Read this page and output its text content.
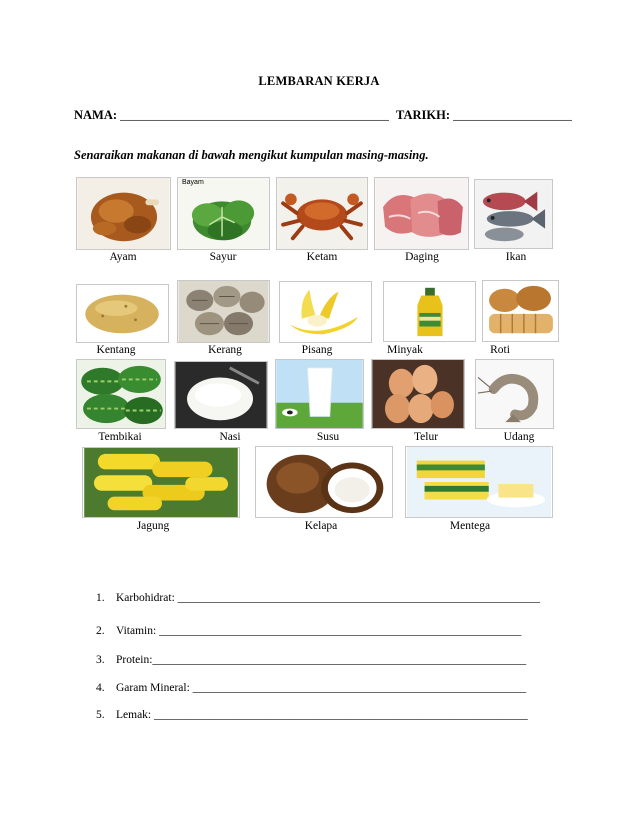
LEMBARAN KERJA
NAMA: ___________________________________________ TARIKH: ___________________
Senaraikan makanan di bawah mengikut kumpulan masing-masing.
Bayam
Ayam	Sayur	Ketam	Daging	Ikan
Kentang	Kerang	Pisang	Minyak	Roti
Tembikai	Nasi	Susu	Telur	Udang
Jagung	Kelapa	Mentega
1. Karbohidrat: _______________________________________________________________
2. Vitamin: _______________________________________________________________
3. Protein:_________________________________________________________________
4. Garam Mineral: __________________________________________________________
5. Lemak: _________________________________________________________________
